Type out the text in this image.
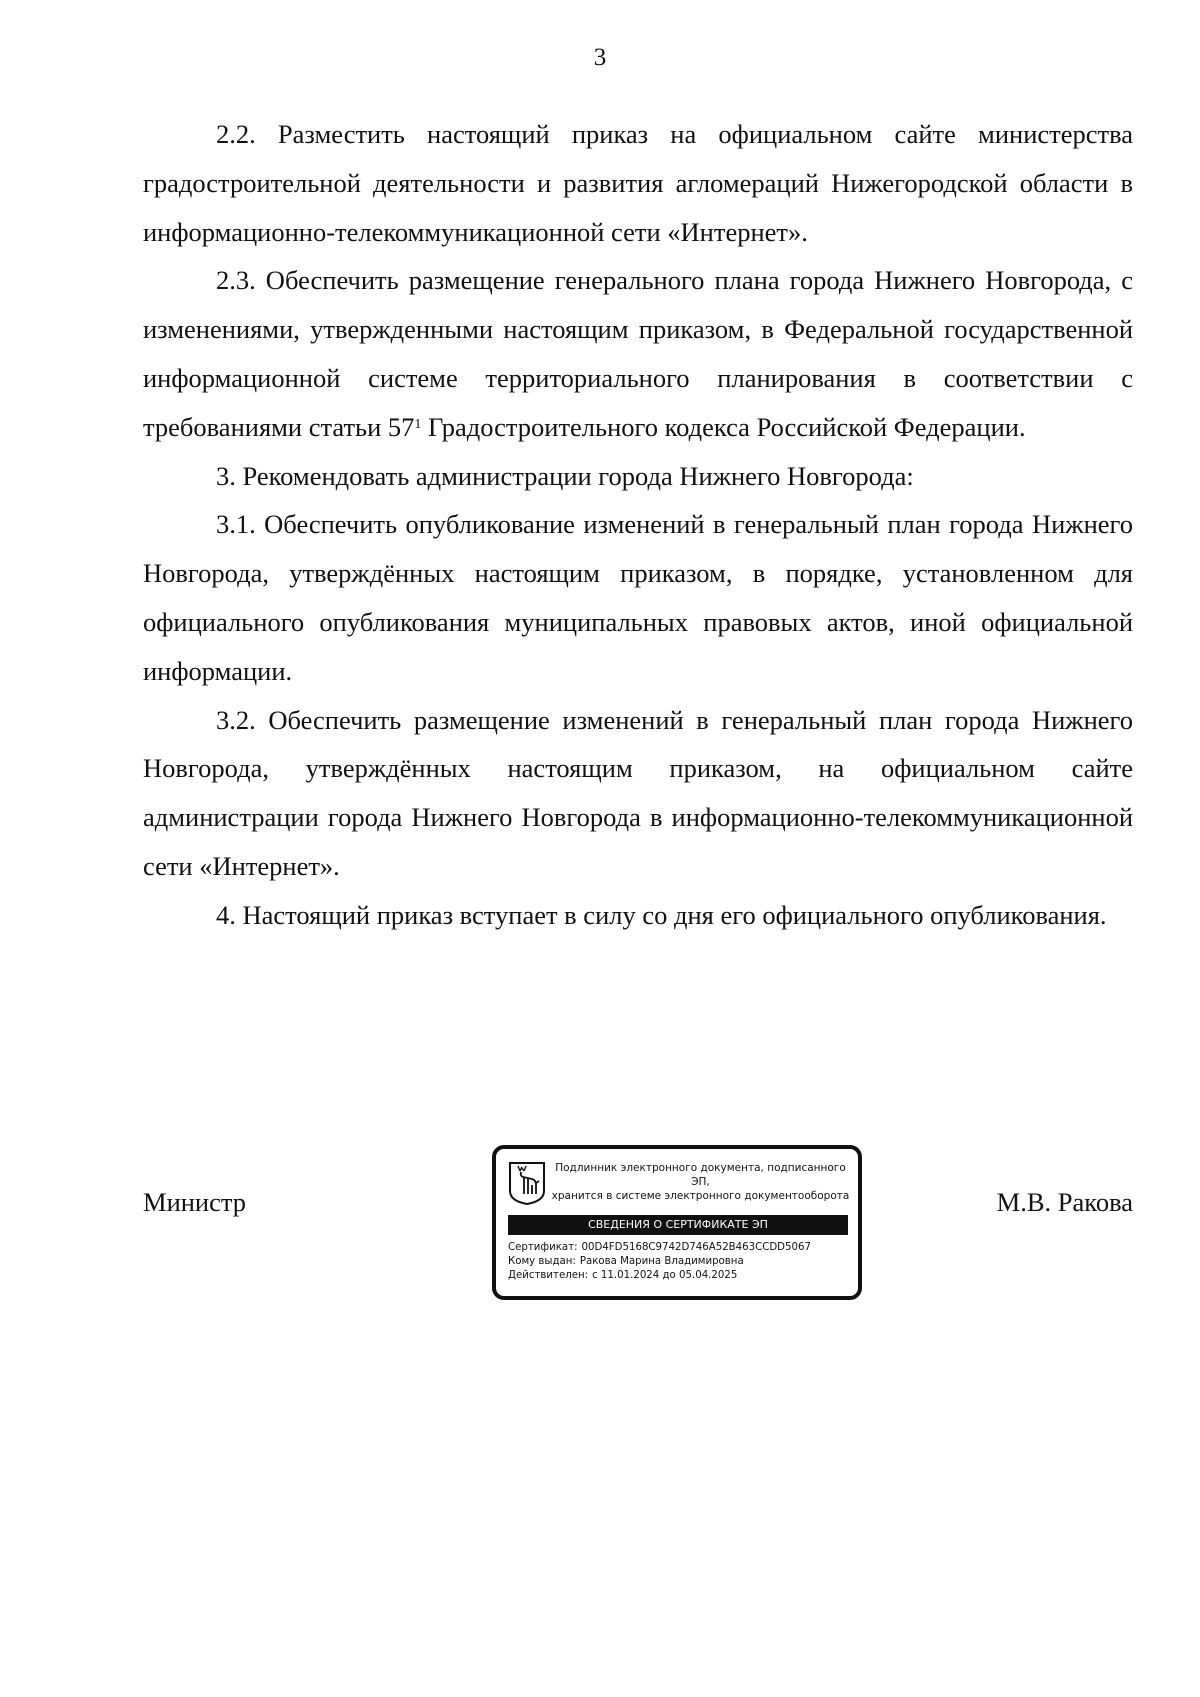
3

2.2. Разместить настоящий приказ на официальном сайте министерства градостроительной деятельности и развития агломераций Нижегородской области в информационно-телекоммуникационной сети «Интернет».

2.3. Обеспечить размещение генерального плана города Нижнего Новгорода, с изменениями, утвержденными настоящим приказом, в Федеральной государственной информационной системе территориального планирования в соответствии с требованиями статьи $57^1$ Градостроительного кодекса Российской Федерации.

3. Рекомендовать администрации города Нижнего Новгорода:

3.1. Обеспечить опубликование изменений в генеральный план города Нижнего Новгорода, утверждённых настоящим приказом, в порядке, установленном для официального опубликования муниципальных правовых актов, иной официальной информации.

3.2. Обеспечить размещение изменений в генеральный план города Нижнего Новгорода, утверждённых настоящим приказом, на официальном сайте администрации города Нижнего Новгорода в информационно-телекоммуникационной сети «Интернет».

4. Настоящий приказ вступает в силу со дня его официального опубликования.

Министр
Подлинник электронного документа, подписанного ЭП,
хранится в системе электронного документооборота
СВЕДЕНИЯ О СЕРТИФИКАТЕ ЭП
Сертификат: 00D4FD5168C9742D746A52B463CCDD5067
Кому выдан: Ракова Марина Владимировна
Действителен: с 11.01.2024 до 05.04.2025
М.В. Ракова
